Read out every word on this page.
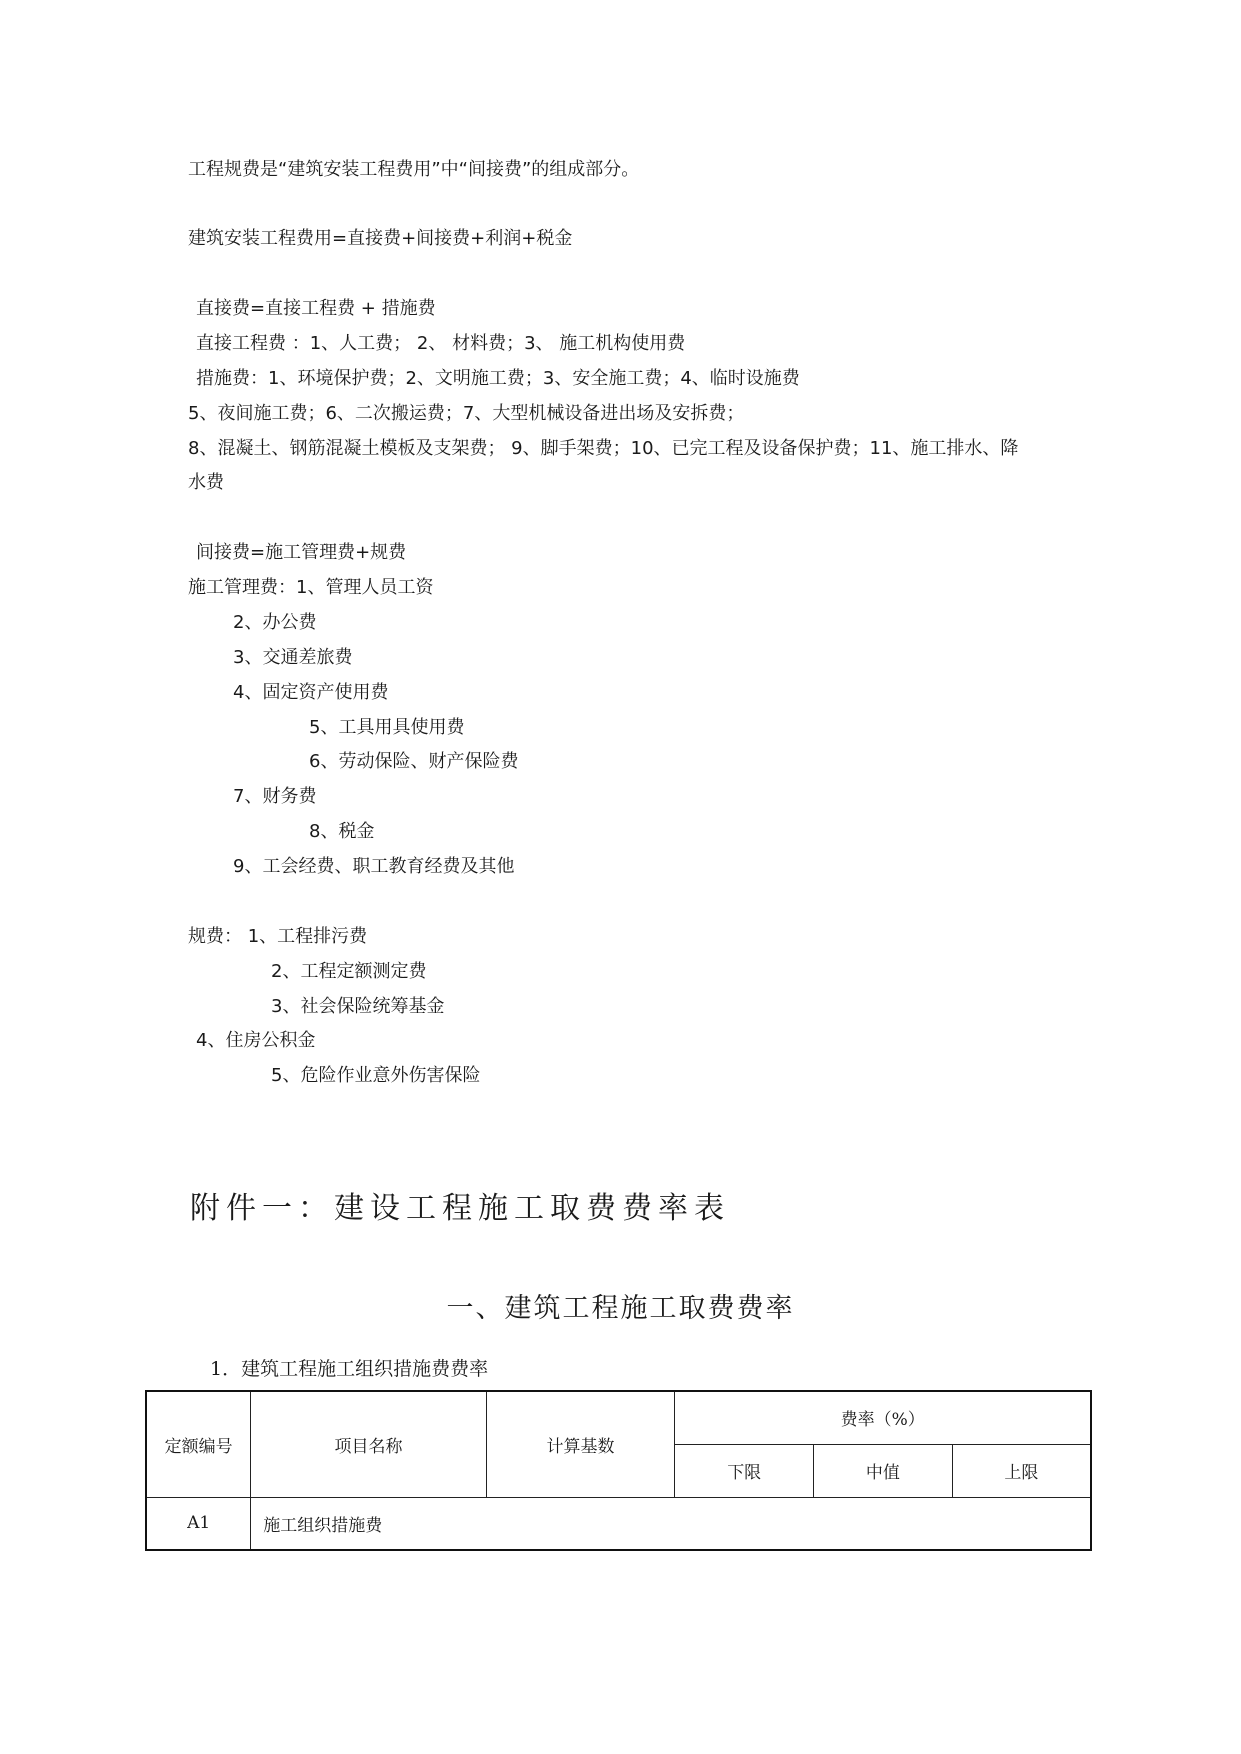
工程规费是“建筑安装工程费用”中“间接费”的组成部分。
建筑安装工程费用=直接费+间接费+利润+税金
直接费=直接工程费 + 措施费
直接工程费 ：1、人工费； 2、 材料费；3、 施工机构使用费
措施费：1、环境保护费；2、文明施工费；3、安全施工费；4、临时设施费
5、夜间施工费；6、二次搬运费；7、大型机械设备进出场及安拆费；
8、混凝土、钢筋混凝土模板及支架费； 9、脚手架费；10、已完工程及设备保护费；11、施工排水、降
水费
间接费=施工管理费+规费
施工管理费：1、管理人员工资
2、办公费
3、交通差旅费
4、固定资产使用费
5、工具用具使用费
6、劳动保险、财产保险费
7、财务费
8、税金
9、工会经费、职工教育经费及其他
规费： 1、工程排污费
2、工程定额测定费
3、社会保险统筹基金
4、住房公积金
5、危险作业意外伤害保险
附件一：建设工程施工取费费率表
一、建筑工程施工取费费率
1．建筑工程施工组织措施费费率
定额编号	项目名称	计算基数	费率（%）		
			下限	中值	上限
A1	施工组织措施费				
